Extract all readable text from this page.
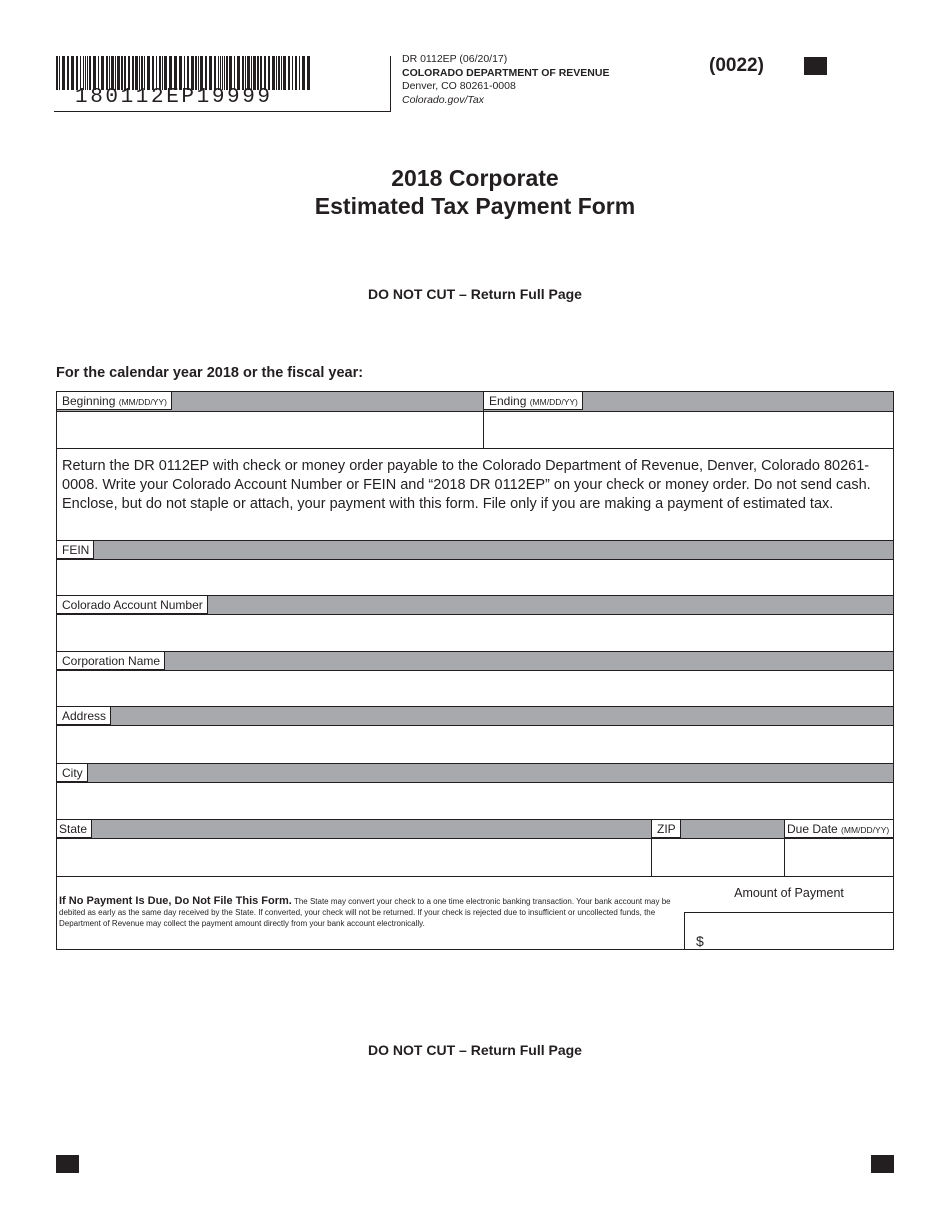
180112EP19999
DR 0112EP (06/20/17)
COLORADO DEPARTMENT OF REVENUE
Denver, CO 80261-0008
Colorado.gov/Tax
(0022)
2018 Corporate
Estimated Tax Payment Form
DO NOT CUT – Return Full Page
For the calendar year 2018 or the fiscal year:
Beginning (MM/DD/YY)	Ending (MM/DD/YY)
Return the DR 0112EP with check or money order payable to the Colorado Department of Revenue, Denver, Colorado 80261-0008. Write your Colorado Account Number or FEIN and “2018 DR 0112EP” on your check or money order. Do not send cash. Enclose, but do not staple or attach, your payment with this form. File only if you are making a payment of estimated tax.
FEIN
Colorado Account Number
Corporation Name
Address
City
State	ZIP	Due Date (MM/DD/YY)
If No Payment Is Due, Do Not File This Form. The State may convert your check to a one time electronic banking transaction. Your bank account may be debited as early as the same day received by the State. If converted, your check will not be returned. If your check is rejected due to insufficient or uncollected funds, the Department of Revenue may collect the payment amount directly from your bank account electronically.
Amount of Payment
$
DO NOT CUT – Return Full Page
